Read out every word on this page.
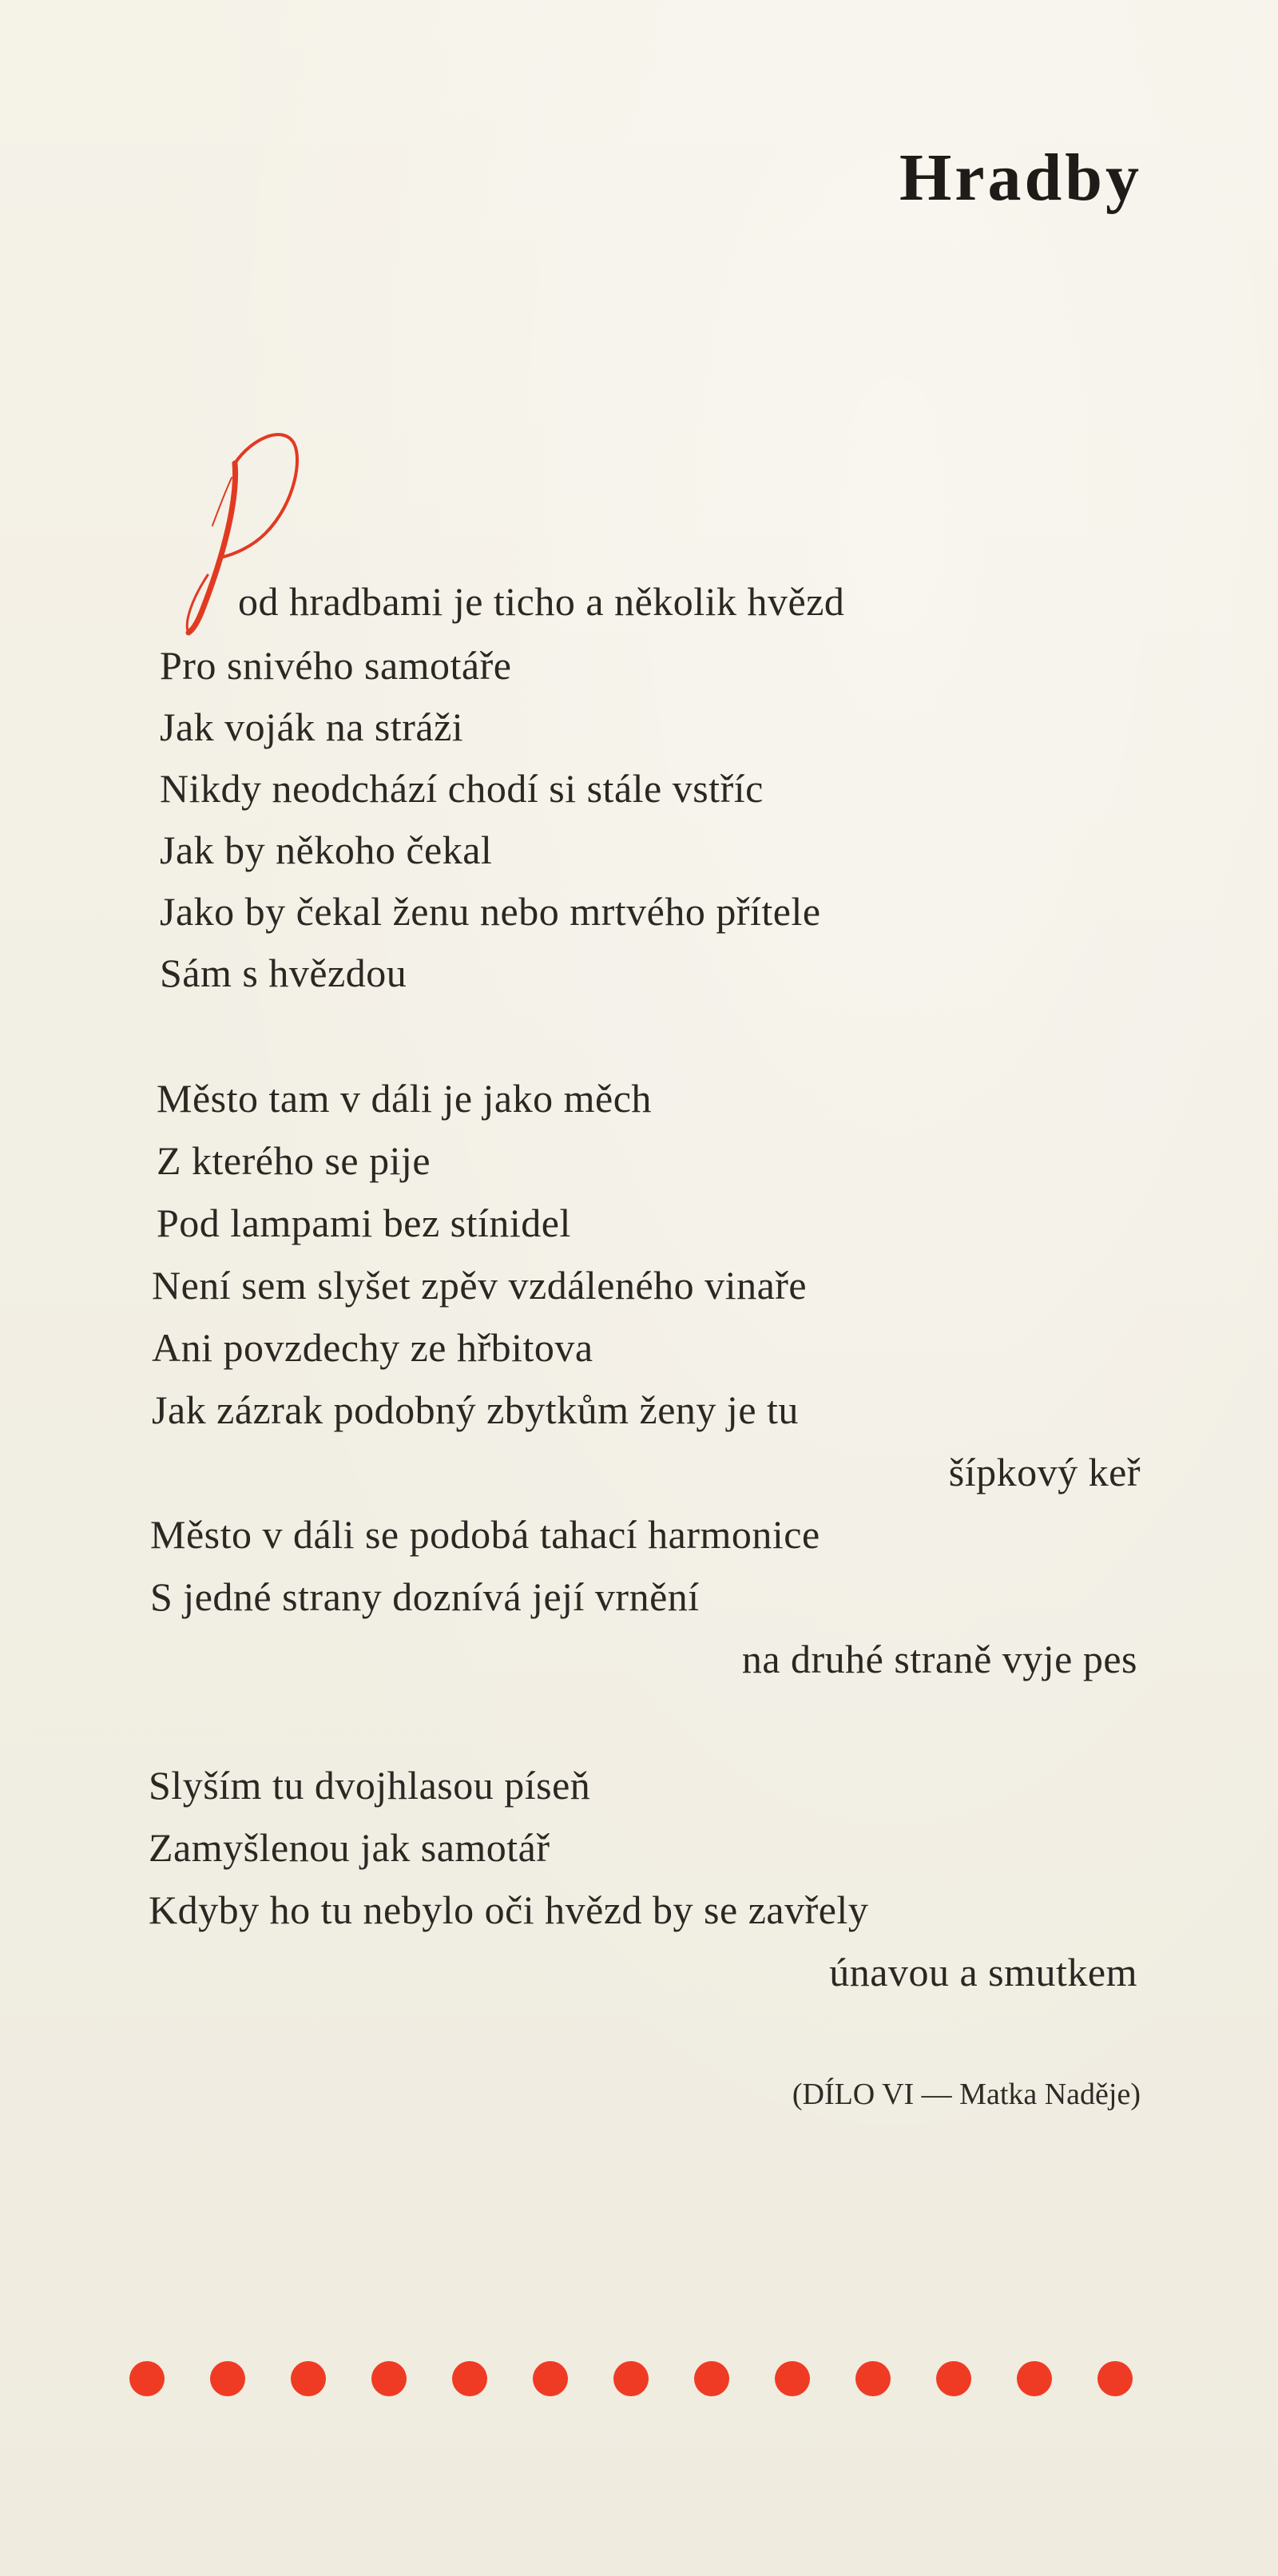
Hradby
od hradbami je ticho a několik hvězd
Pro snivého samotáře
Jak voják na stráži
Nikdy neodchází chodí si stále vstříc
Jak by někoho čekal
Jako by čekal ženu nebo mrtvého přítele
Sám s hvězdou
Město tam v dáli je jako měch
Z kterého se pije
Pod lampami bez stínidel
Není sem slyšet zpěv vzdáleného vinaře
Ani povzdechy ze hřbitova
Jak zázrak podobný zbytkům ženy je tu
šípkový keř
Město v dáli se podobá tahací harmonice
S jedné strany doznívá její vrnění
na druhé straně vyje pes
Slyším tu dvojhlasou píseň
Zamyšlenou jak samotář
Kdyby ho tu nebylo oči hvězd by se zavřely
únavou a smutkem
(DÍLO VI — Matka Naděje)
